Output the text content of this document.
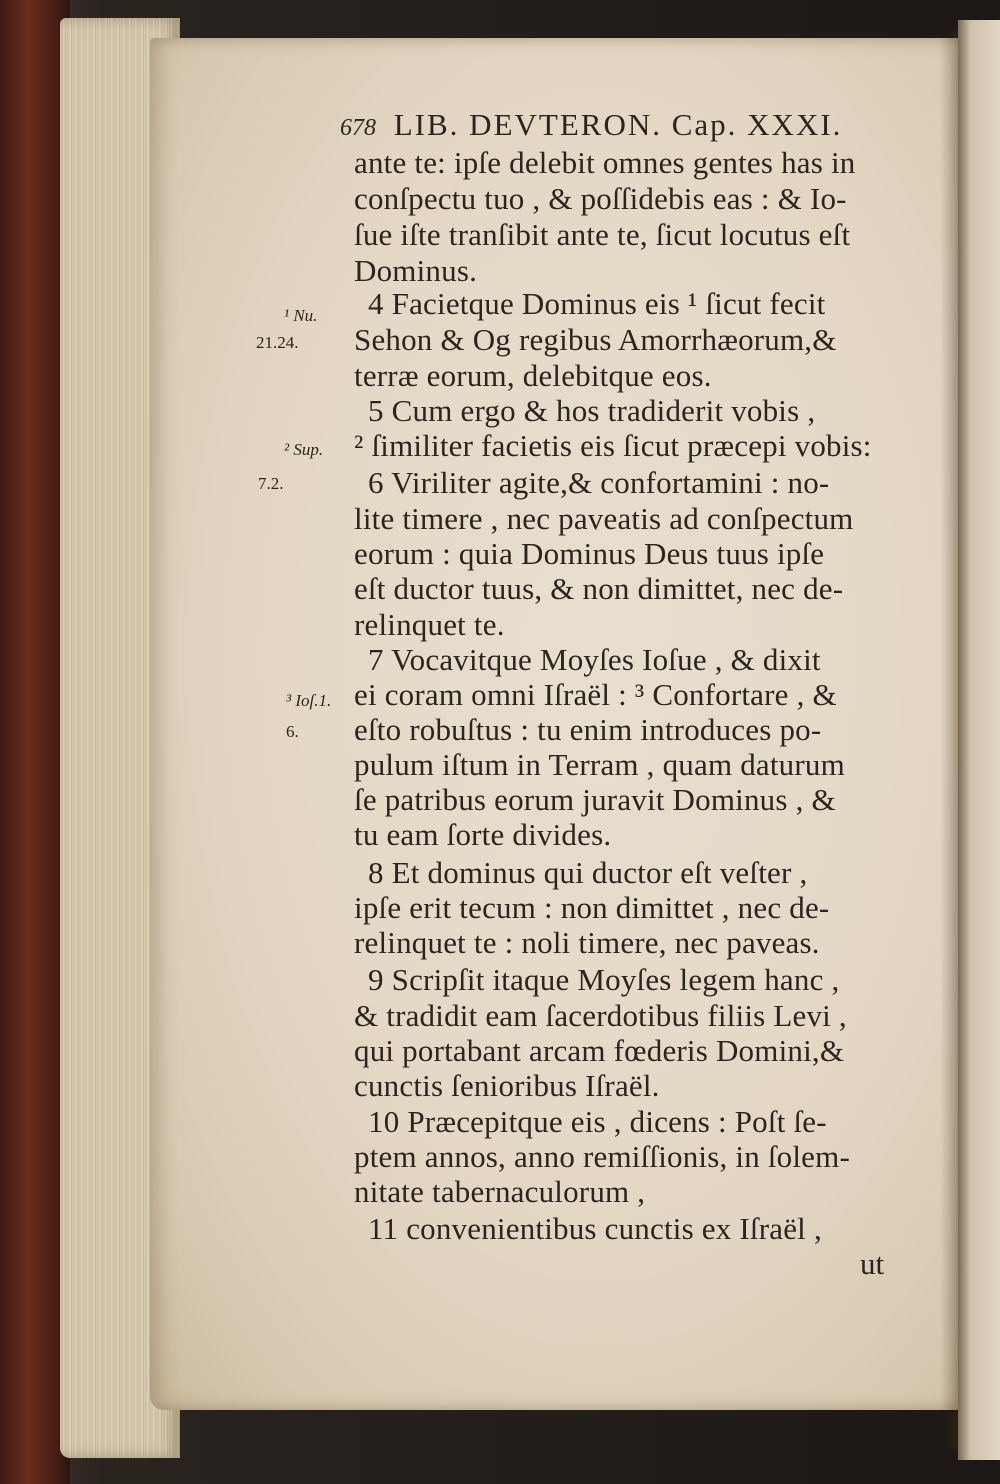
678 LIB. DEVTERON. Cap. XXXI.
ante te: ipſe delebit omnes gentes has in
conſpectu tuo , & poſſidebis eas : & Io-
ſue iſte tranſibit ante te, ſicut locutus eſt
Dominus.
4 Facietque Dominus eis ¹ ſicut fecit
Sehon & Og regibus Amorrhæorum,&
terræ eorum, delebitque eos.
5 Cum ergo & hos tradiderit vobis ,
² ſimiliter facietis eis ſicut præcepi vobis:
6 Viriliter agite,& confortamini : no-
lite timere , nec paveatis ad conſpectum
eorum : quia Dominus Deus tuus ipſe
eſt ductor tuus, & non dimittet, nec de-
relinquet te.
7 Vocavitque Moyſes Ioſue , & dixit
ei coram omni Iſraël : ³ Confortare , &
eſto robuſtus : tu enim introduces po-
pulum iſtum in Terram , quam daturum
ſe patribus eorum juravit Dominus , &
tu eam ſorte divides.
8 Et dominus qui ductor eſt veſter ,
ipſe erit tecum : non dimittet , nec de-
relinquet te : noli timere, nec paveas.
9 Scripſit itaque Moyſes legem hanc ,
& tradidit eam ſacerdotibus filiis Levi ,
qui portabant arcam fœderis Domini,&
cunctis ſenioribus Iſraël.
10 Præcepitque eis , dicens : Poſt ſe-
ptem annos, anno remiſſionis, in ſolem-
nitate tabernaculorum ,
11 convenientibus cunctis ex Iſraël ,
¹ Nu.
21.24.
² Sup.
7.2.
³ Ioſ.1.
6.
ut
